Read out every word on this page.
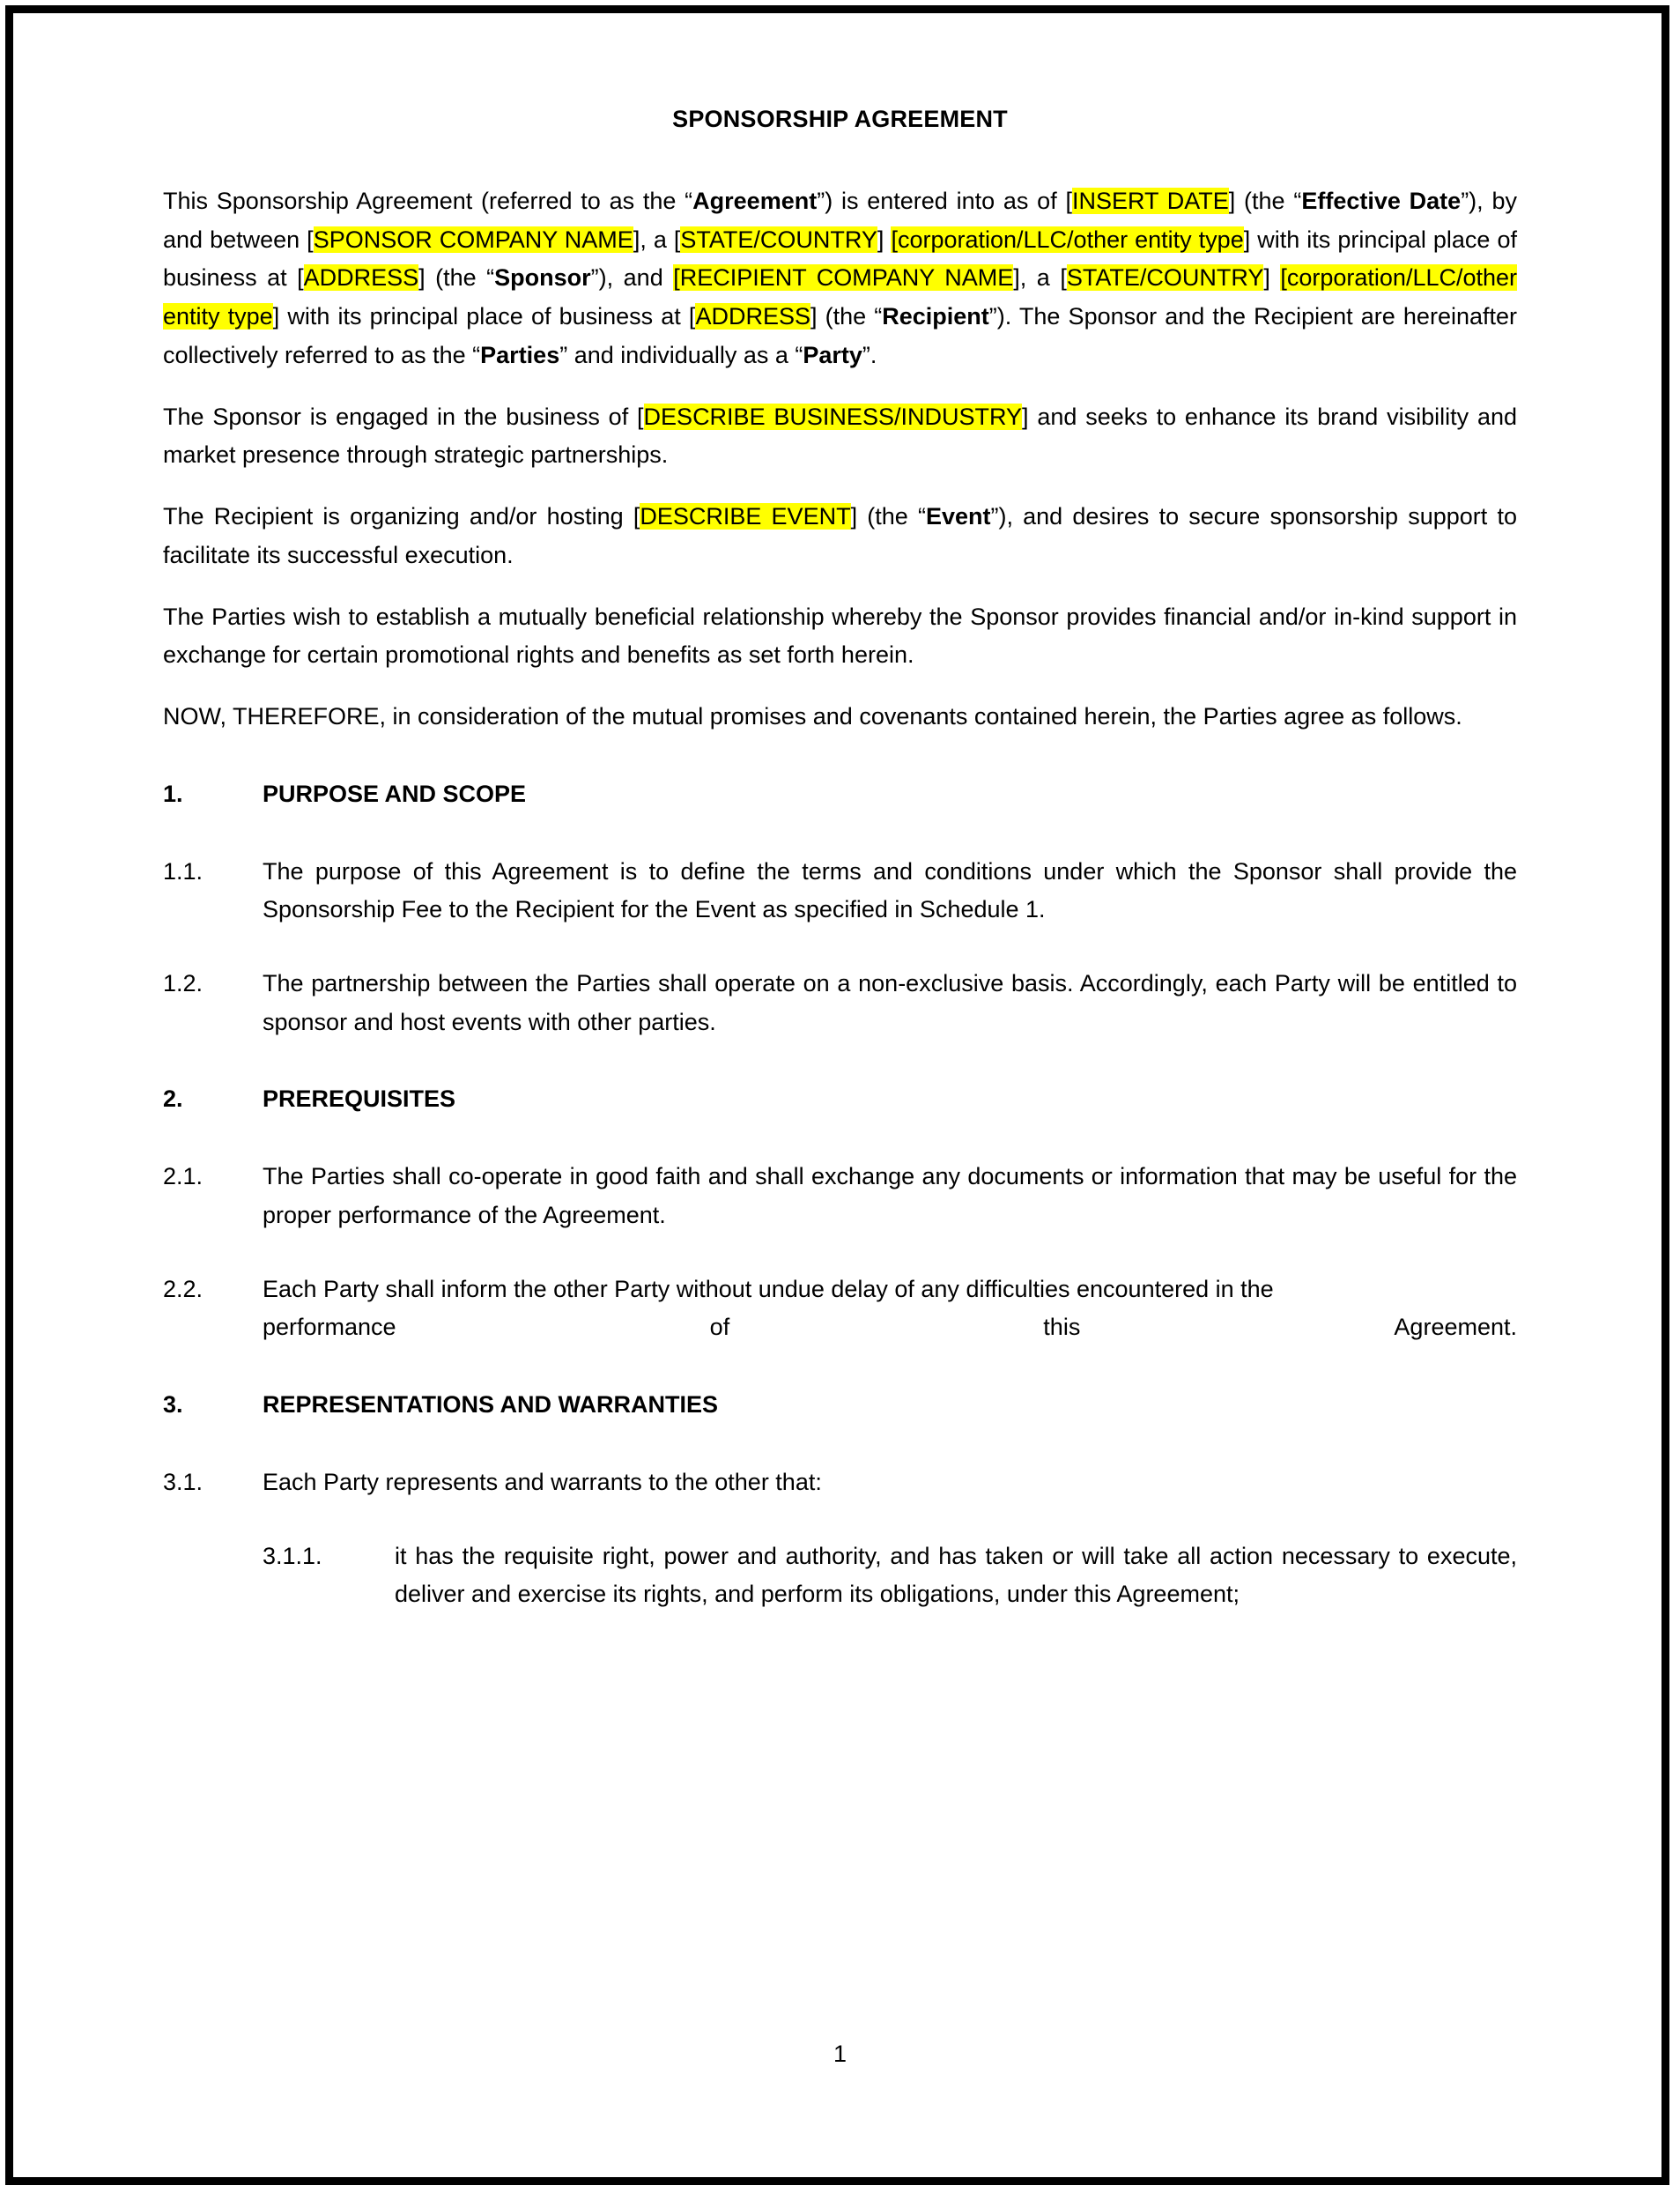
SPONSORSHIP AGREEMENT

This Sponsorship Agreement (referred to as the “Agreement”) is entered into as of [INSERT DATE] (the “Effective Date”), by and between [SPONSOR COMPANY NAME], a [STATE/COUNTRY] [corporation/LLC/other entity type] with its principal place of business at [ADDRESS] (the “Sponsor”), and [RECIPIENT COMPANY NAME], a [STATE/COUNTRY] [corporation/LLC/other entity type] with its principal place of business at [ADDRESS] (the “Recipient”). The Sponsor and the Recipient are hereinafter collectively referred to as the “Parties” and individually as a “Party”.

The Sponsor is engaged in the business of [DESCRIBE BUSINESS/INDUSTRY] and seeks to enhance its brand visibility and market presence through strategic partnerships.

The Recipient is organizing and/or hosting [DESCRIBE EVENT] (the “Event”), and desires to secure sponsorship support to facilitate its successful execution.

The Parties wish to establish a mutually beneficial relationship whereby the Sponsor provides financial and/or in-kind support in exchange for certain promotional rights and benefits as set forth herein.

NOW, THEREFORE, in consideration of the mutual promises and covenants contained herein, the Parties agree as follows.

1.	PURPOSE AND SCOPE
1.1.	The purpose of this Agreement is to define the terms and conditions under which the Sponsor shall provide the Sponsorship Fee to the Recipient for the Event as specified in Schedule 1.
1.2.	The partnership between the Parties shall operate on a non-exclusive basis. Accordingly, each Party will be entitled to sponsor and host events with other parties.
2.	PREREQUISITES
2.1.	The Parties shall co-operate in good faith and shall exchange any documents or information that may be useful for the proper performance of the Agreement.
2.2.	Each Party shall inform the other Party without undue delay of any difficulties encountered in the
performance	of	this	Agreement.
3.	REPRESENTATIONS AND WARRANTIES
3.1.	Each Party represents and warrants to the other that:
3.1.1.	it has the requisite right, power and authority, and has taken or will take all action necessary to execute, deliver and exercise its rights, and perform its obligations, under this Agreement;
1
